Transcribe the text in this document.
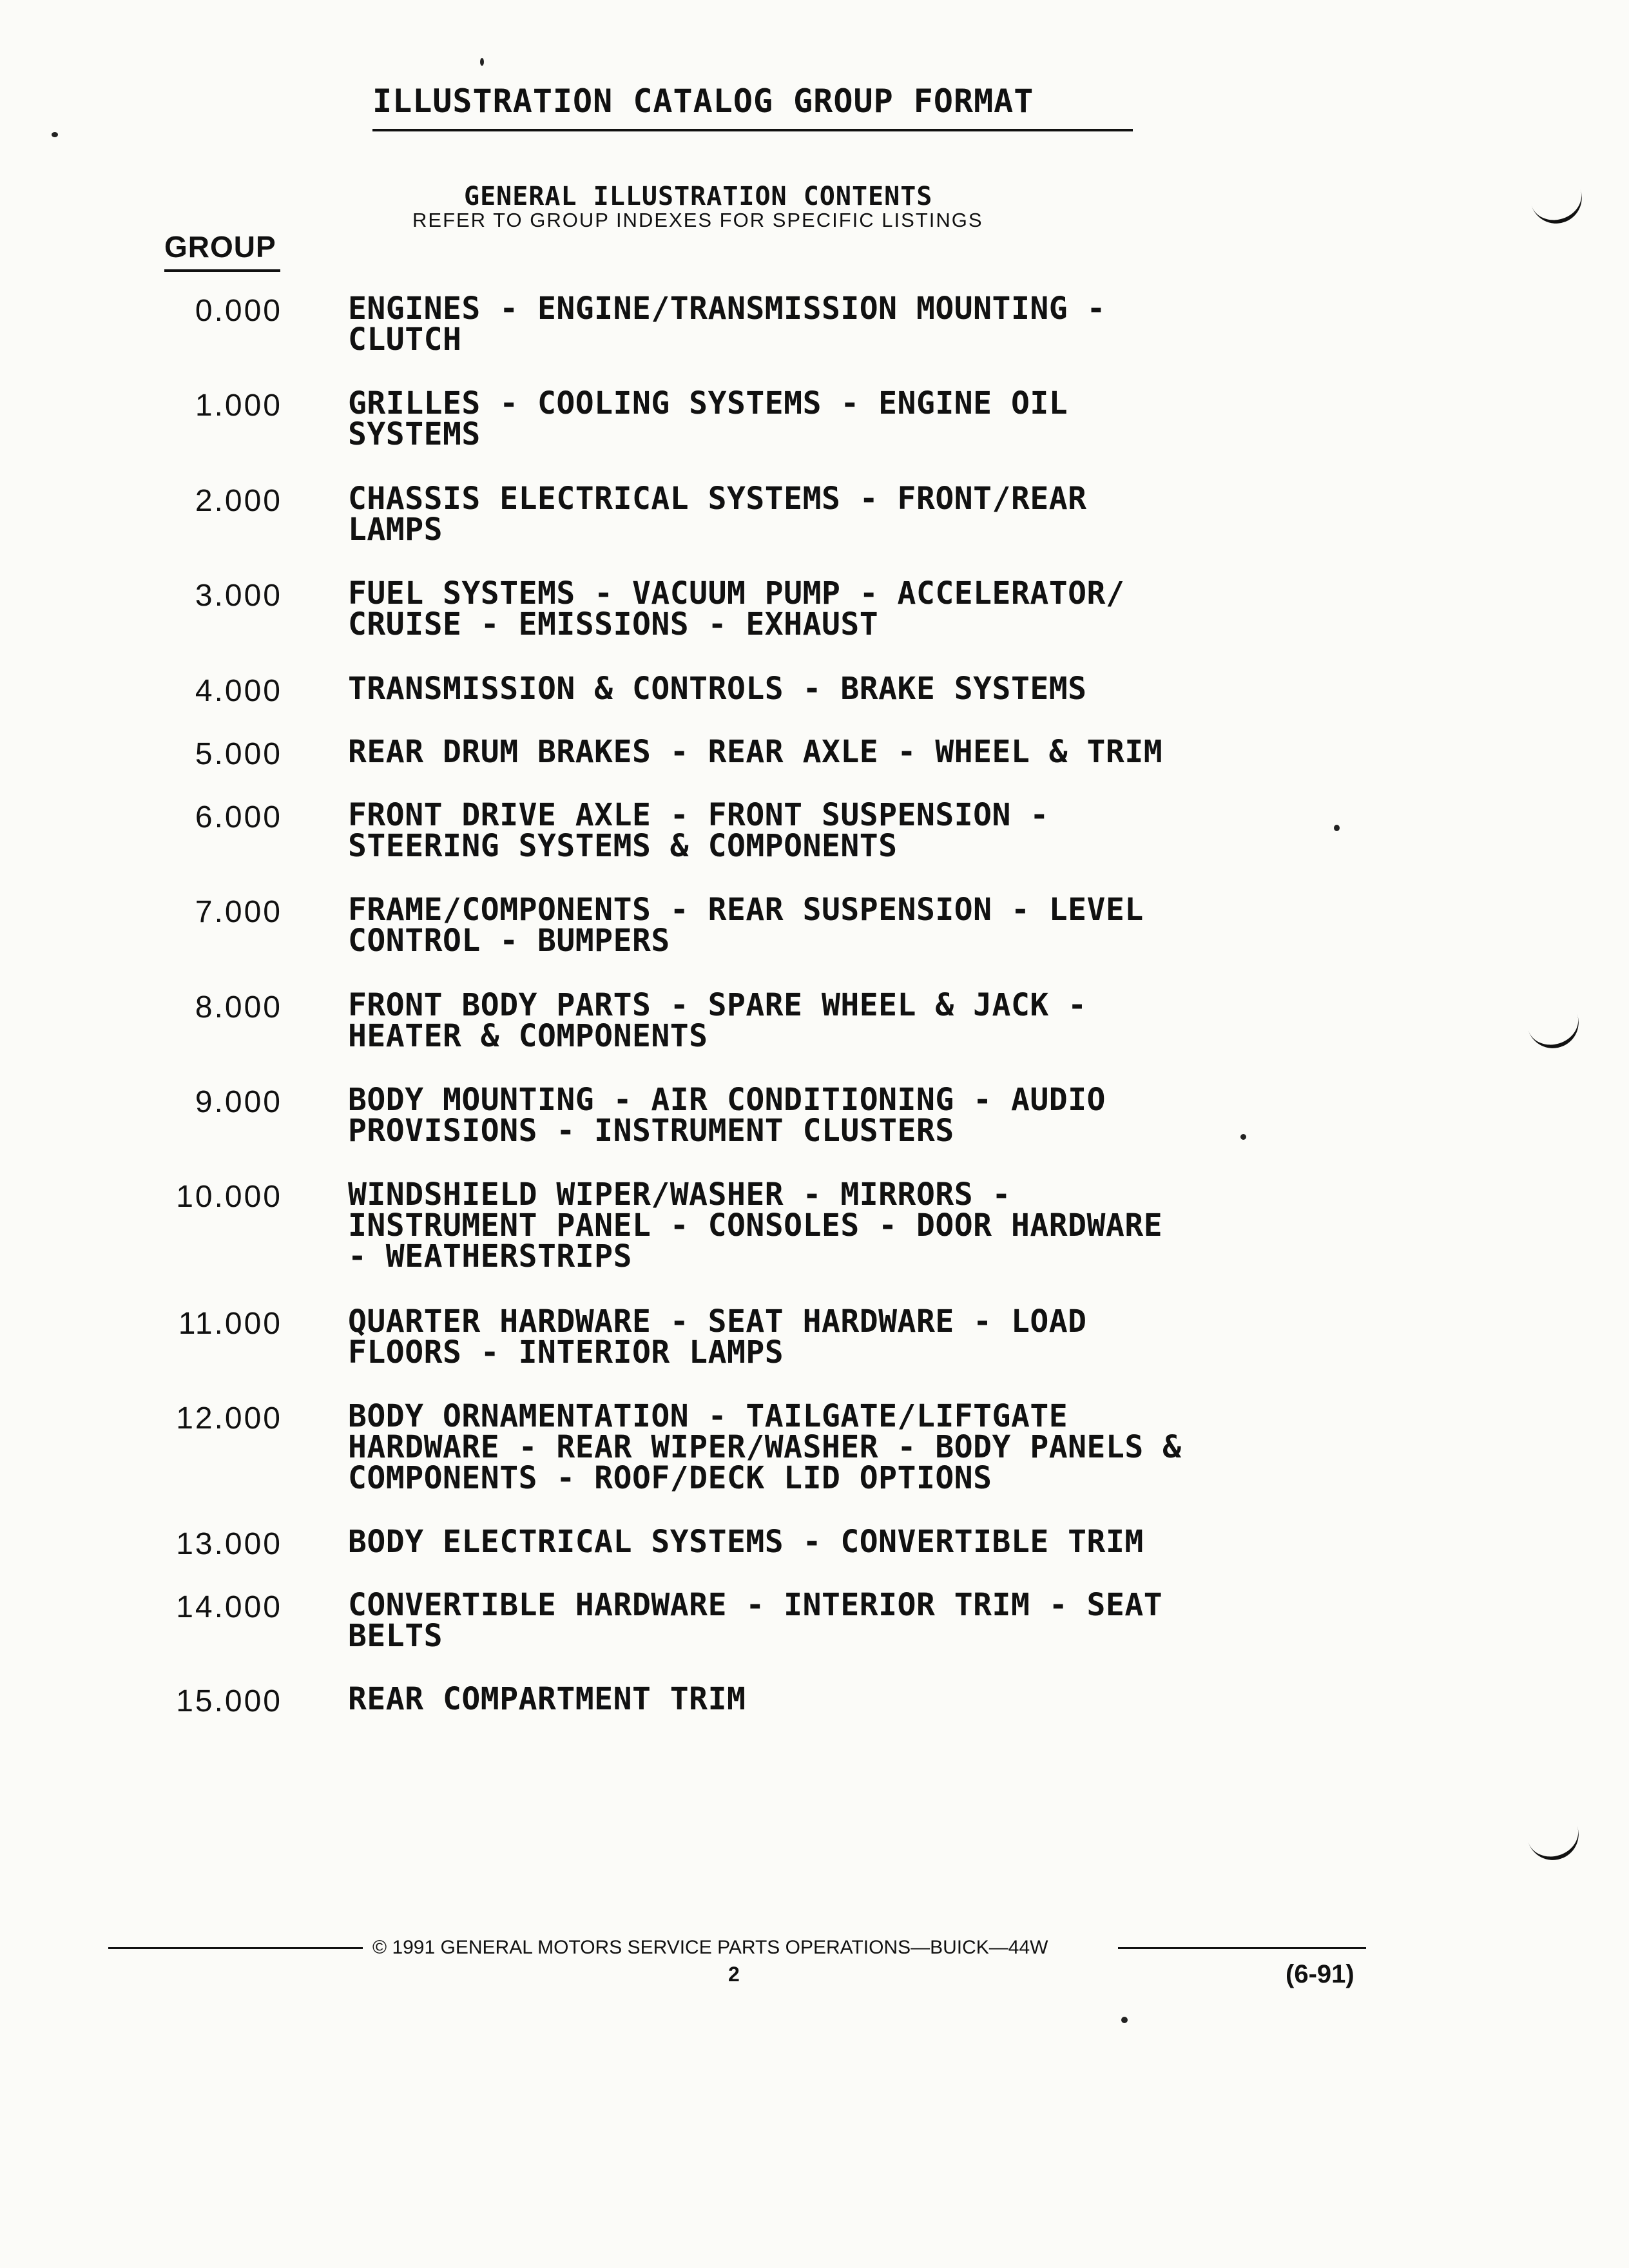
ILLUSTRATION CATALOG GROUP FORMAT
GENERAL ILLUSTRATION CONTENTS
REFER TO GROUP INDEXES FOR SPECIFIC LISTINGS
GROUP
0.000 ENGINES - ENGINE/TRANSMISSION MOUNTING -
CLUTCH
1.000 GRILLES - COOLING SYSTEMS - ENGINE OIL
SYSTEMS
2.000 CHASSIS ELECTRICAL SYSTEMS - FRONT/REAR
LAMPS
3.000 FUEL SYSTEMS - VACUUM PUMP - ACCELERATOR/
CRUISE - EMISSIONS - EXHAUST
4.000 TRANSMISSION & CONTROLS - BRAKE SYSTEMS
5.000 REAR DRUM BRAKES - REAR AXLE - WHEEL & TRIM
6.000 FRONT DRIVE AXLE - FRONT SUSPENSION -
STEERING SYSTEMS & COMPONENTS
7.000 FRAME/COMPONENTS - REAR SUSPENSION - LEVEL
CONTROL - BUMPERS
8.000 FRONT BODY PARTS - SPARE WHEEL & JACK -
HEATER & COMPONENTS
9.000 BODY MOUNTING - AIR CONDITIONING - AUDIO
PROVISIONS - INSTRUMENT CLUSTERS
10.000 WINDSHIELD WIPER/WASHER - MIRRORS -
INSTRUMENT PANEL - CONSOLES - DOOR HARDWARE
- WEATHERSTRIPS
11.000 QUARTER HARDWARE - SEAT HARDWARE - LOAD
FLOORS - INTERIOR LAMPS
12.000 BODY ORNAMENTATION - TAILGATE/LIFTGATE
HARDWARE - REAR WIPER/WASHER - BODY PANELS &
COMPONENTS - ROOF/DECK LID OPTIONS
13.000 BODY ELECTRICAL SYSTEMS - CONVERTIBLE TRIM
14.000 CONVERTIBLE HARDWARE - INTERIOR TRIM - SEAT
BELTS
15.000 REAR COMPARTMENT TRIM
© 1991 GENERAL MOTORS SERVICE PARTS OPERATIONS—BUICK—44W
2	(6-91)
